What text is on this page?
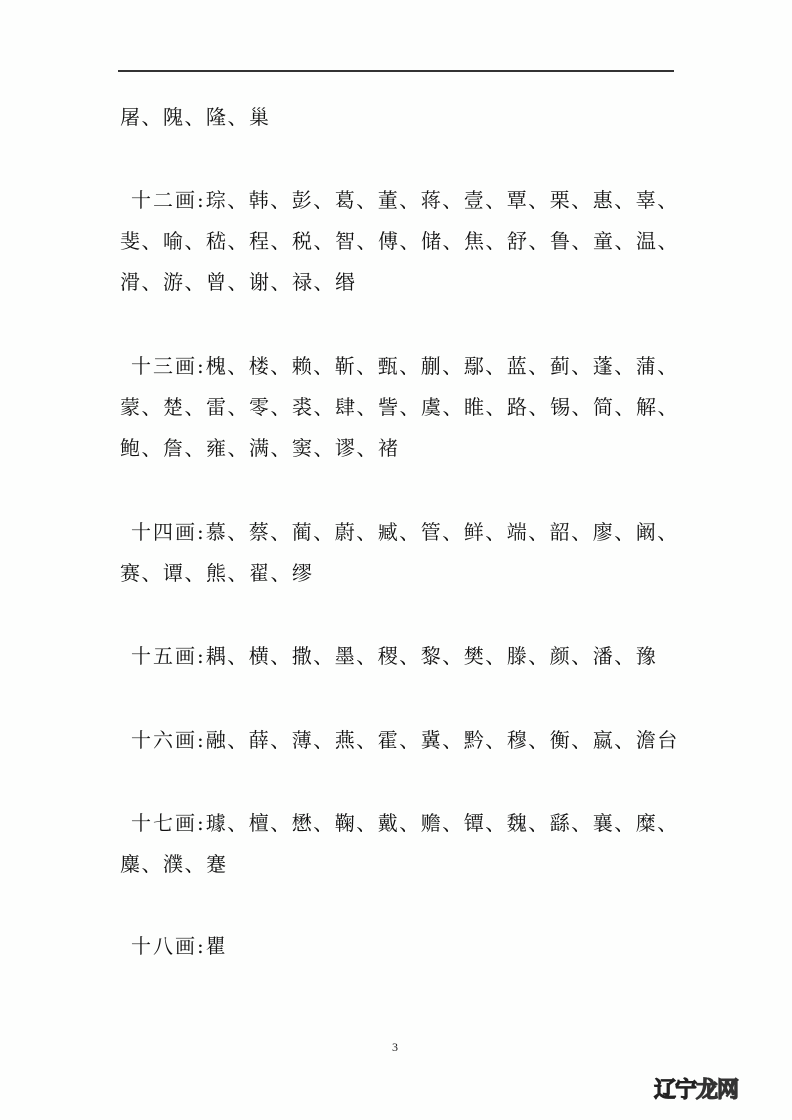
屠、隗、隆、巢
十二画:琮、韩、彭、葛、董、蒋、壹、覃、栗、惠、辜、
斐、喻、嵇、程、税、智、傅、储、焦、舒、鲁、童、温、
滑、游、曾、谢、禄、缗
十三画:槐、楼、赖、靳、甄、蒯、鄢、蓝、蓟、蓬、蒲、
蒙、楚、雷、零、裘、肆、訾、虞、睢、路、锡、简、解、
鲍、詹、雍、满、窦、谬、褚
十四画:慕、蔡、蔺、蔚、臧、管、鲜、端、韶、廖、阚、
赛、谭、熊、翟、缪
十五画:耦、横、撒、墨、稷、黎、樊、滕、颜、潘、豫
十六画:融、薛、薄、燕、霍、冀、黔、穆、衡、嬴、澹台
十七画:璩、檀、懋、鞠、戴、赡、镡、魏、繇、襄、糜、
麋、濮、蹇
十八画:瞿
3
辽宁龙网
